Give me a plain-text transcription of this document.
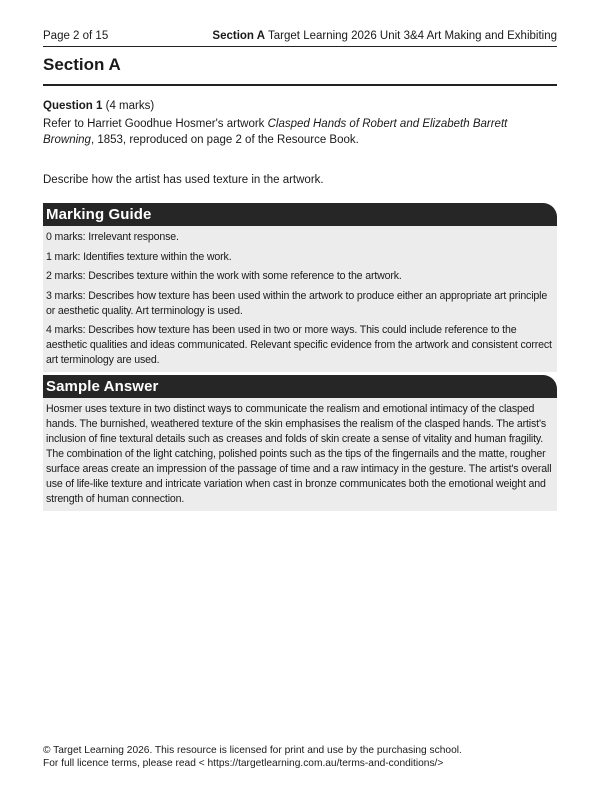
Page 2 of 15	Section A Target Learning 2026 Unit 3&4 Art Making and Exhibiting
Section A

Question 1 (4 marks)

Refer to Harriet Goodhue Hosmer's artwork Clasped Hands of Robert and Elizabeth Barrett Browning, 1853, reproduced on page 2 of the Resource Book.

Describe how the artist has used texture in the artwork.

Marking Guide

0 marks: Irrelevant response.

1 mark: Identifies texture within the work.

2 marks: Describes texture within the work with some reference to the artwork.

3 marks: Describes how texture has been used within the artwork to produce either an appropriate art principle or aesthetic quality. Art terminology is used.

4 marks: Describes how texture has been used in two or more ways. This could include reference to the aesthetic qualities and ideas communicated. Relevant specific evidence from the artwork and consistent correct art terminology are used.

Sample Answer

Hosmer uses texture in two distinct ways to communicate the realism and emotional intimacy of the clasped hands. The burnished, weathered texture of the skin emphasises the realism of the clasped hands. The artist's inclusion of fine textural details such as creases and folds of skin create a sense of vitality and human fragility. The combination of the light catching, polished points such as the tips of the fingernails and the matte, rougher surface areas create an impression of the passage of time and a raw intimacy in the gesture. The artist's overall use of life-like texture and intricate variation when cast in bronze communicates both the emotional weight and strength of human connection.

© Target Learning 2026. This resource is licensed for print and use by the purchasing school.
For full licence terms, please read < https://targetlearning.com.au/terms-and-conditions/>
